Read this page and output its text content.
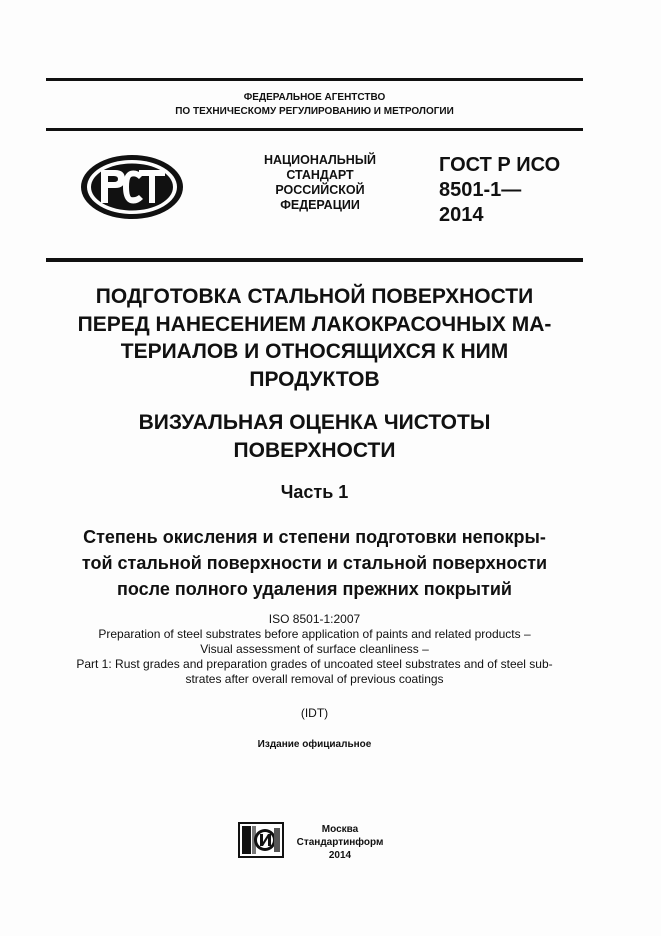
ФЕДЕРАЛЬНОЕ АГЕНТСТВО
ПО ТЕХНИЧЕСКОМУ РЕГУЛИРОВАНИЮ И МЕТРОЛОГИИ
НАЦИОНАЛЬНЫЙ
СТАНДАРТ
РОССИЙСКОЙ
ФЕДЕРАЦИИ
ГОСТ Р ИСО
8501-1—
2014
ПОДГОТОВКА СТАЛЬНОЙ ПОВЕРХНОСТИ
ПЕРЕД НАНЕСЕНИЕМ ЛАКОКРАСОЧНЫХ МА-
ТЕРИАЛОВ И ОТНОСЯЩИХСЯ К НИМ
ПРОДУКТОВ
ВИЗУАЛЬНАЯ ОЦЕНКА ЧИСТОТЫ
ПОВЕРХНОСТИ
Часть 1
Степень окисления и степени подготовки непокры-
той стальной поверхности и стальной поверхности
после полного удаления прежних покрытий
ISO 8501-1:2007
Preparation of steel substrates before application of paints and related products –
Visual assessment of surface cleanliness –
Part 1: Rust grades and preparation grades of uncoated steel substrates and of steel sub-
strates after overall removal of previous coatings
(IDT)
Издание официальное
Москва
Стандартинформ
2014
